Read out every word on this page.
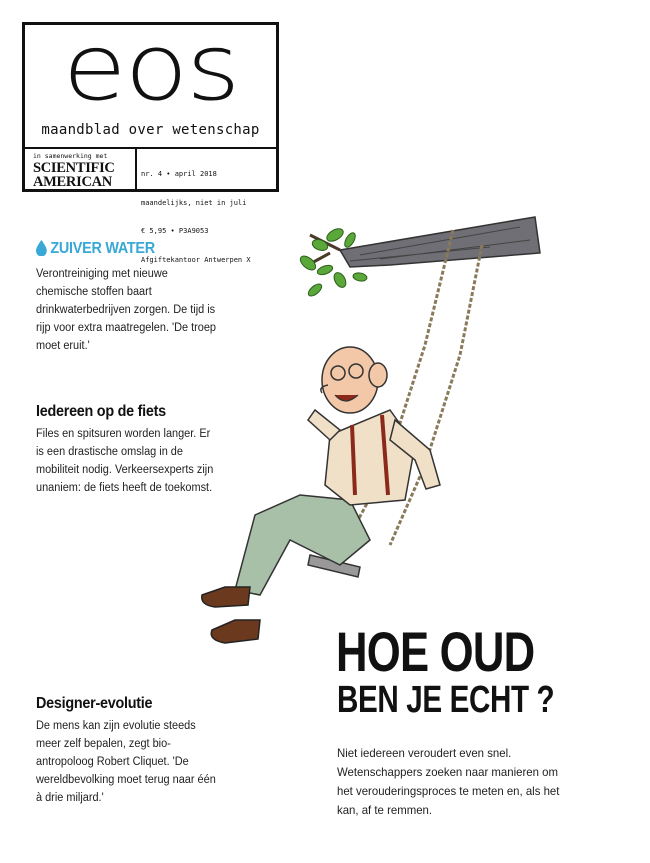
eos
maandblad over wetenschap
in samenwerking met
SCIENTIFIC
AMERICAN

	nr. 4 • april 2018

maandelijks, niet in juli

€ 5,95 • P3A9053

Afgiftekantoor Antwerpen X

ZUIVER WATER

Verontreiniging met nieuwe chemische stoffen baart drinkwaterbedrijven zorgen. De tijd is rijp voor extra maatregelen. 'De troep moet eruit.'

Iedereen op de fiets

Files en spitsuren worden langer. Er is een drastische omslag in de mobiliteit nodig. Verkeersexperts zijn unaniem: de fiets heeft de toekomst.

Designer-evolutie

De mens kan zijn evolutie steeds meer zelf bepalen, zegt bio-antropoloog Robert Cliquet. 'De wereldbevolking moet terug naar één à drie miljard.'

HOE OUD
BEN JE ECHT ?
Niet iedereen veroudert even snel. Wetenschappers zoeken naar manieren om het verouderingsproces te meten en, als het kan, af te remmen.
